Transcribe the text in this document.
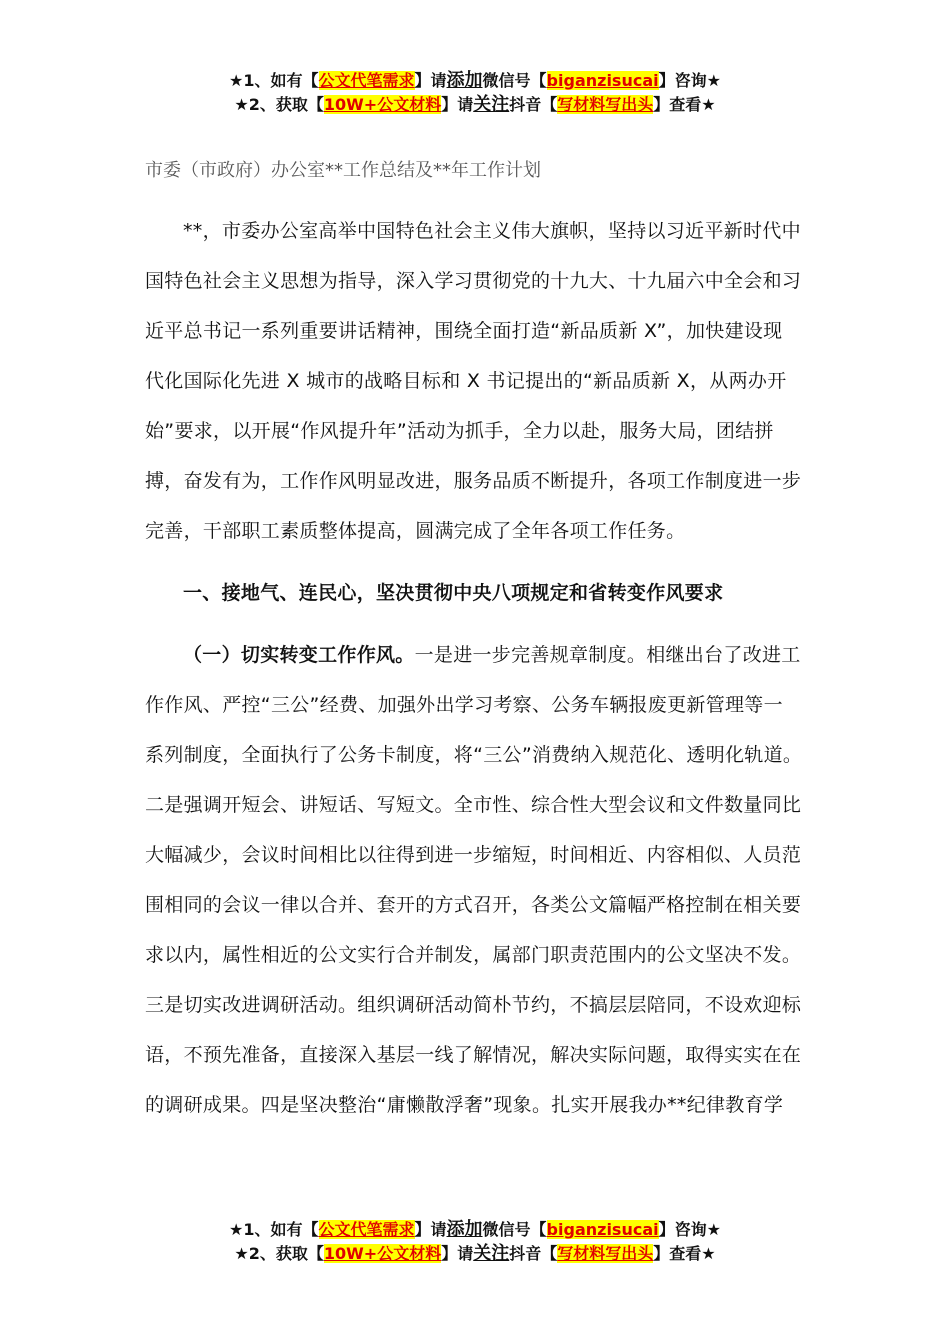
★1、如有【公文代笔需求】请添加微信号【biganzisucai】咨询★
★2、获取【10W+公文材料】请关注抖音【写材料写出头】查看★
市委（市政府）办公室**工作总结及**年工作计划
**，市委办公室高举中国特色社会主义伟大旗帜，坚持以习近平新时代中
国特色社会主义思想为指导，深入学习贯彻党的十九大、十九届六中全会和习
近平总书记一系列重要讲话精神，围绕全面打造“新品质新 X”，加快建设现
代化国际化先进 X 城市的战略目标和 X 书记提出的“新品质新 X，从两办开
始”要求，以开展“作风提升年”活动为抓手，全力以赴，服务大局，团结拼
搏，奋发有为，工作作风明显改进，服务品质不断提升，各项工作制度进一步
完善，干部职工素质整体提高，圆满完成了全年各项工作任务。
一、接地气、连民心，坚决贯彻中央八项规定和省转变作风要求
（一）切实转变工作作风。一是进一步完善规章制度。相继出台了改进工
作作风、严控“三公”经费、加强外出学习考察、公务车辆报废更新管理等一
系列制度，全面执行了公务卡制度，将“三公”消费纳入规范化、透明化轨道。
二是强调开短会、讲短话、写短文。全市性、综合性大型会议和文件数量同比
大幅减少，会议时间相比以往得到进一步缩短，时间相近、内容相似、人员范
围相同的会议一律以合并、套开的方式召开，各类公文篇幅严格控制在相关要
求以内，属性相近的公文实行合并制发，属部门职责范围内的公文坚决不发。
三是切实改进调研活动。组织调研活动简朴节约，不搞层层陪同，不设欢迎标
语，不预先准备，直接深入基层一线了解情况，解决实际问题，取得实实在在
的调研成果。四是坚决整治“庸懒散浮奢”现象。扎实开展我办**纪律教育学
★1、如有【公文代笔需求】请添加微信号【biganzisucai】咨询★
★2、获取【10W+公文材料】请关注抖音【写材料写出头】查看★
